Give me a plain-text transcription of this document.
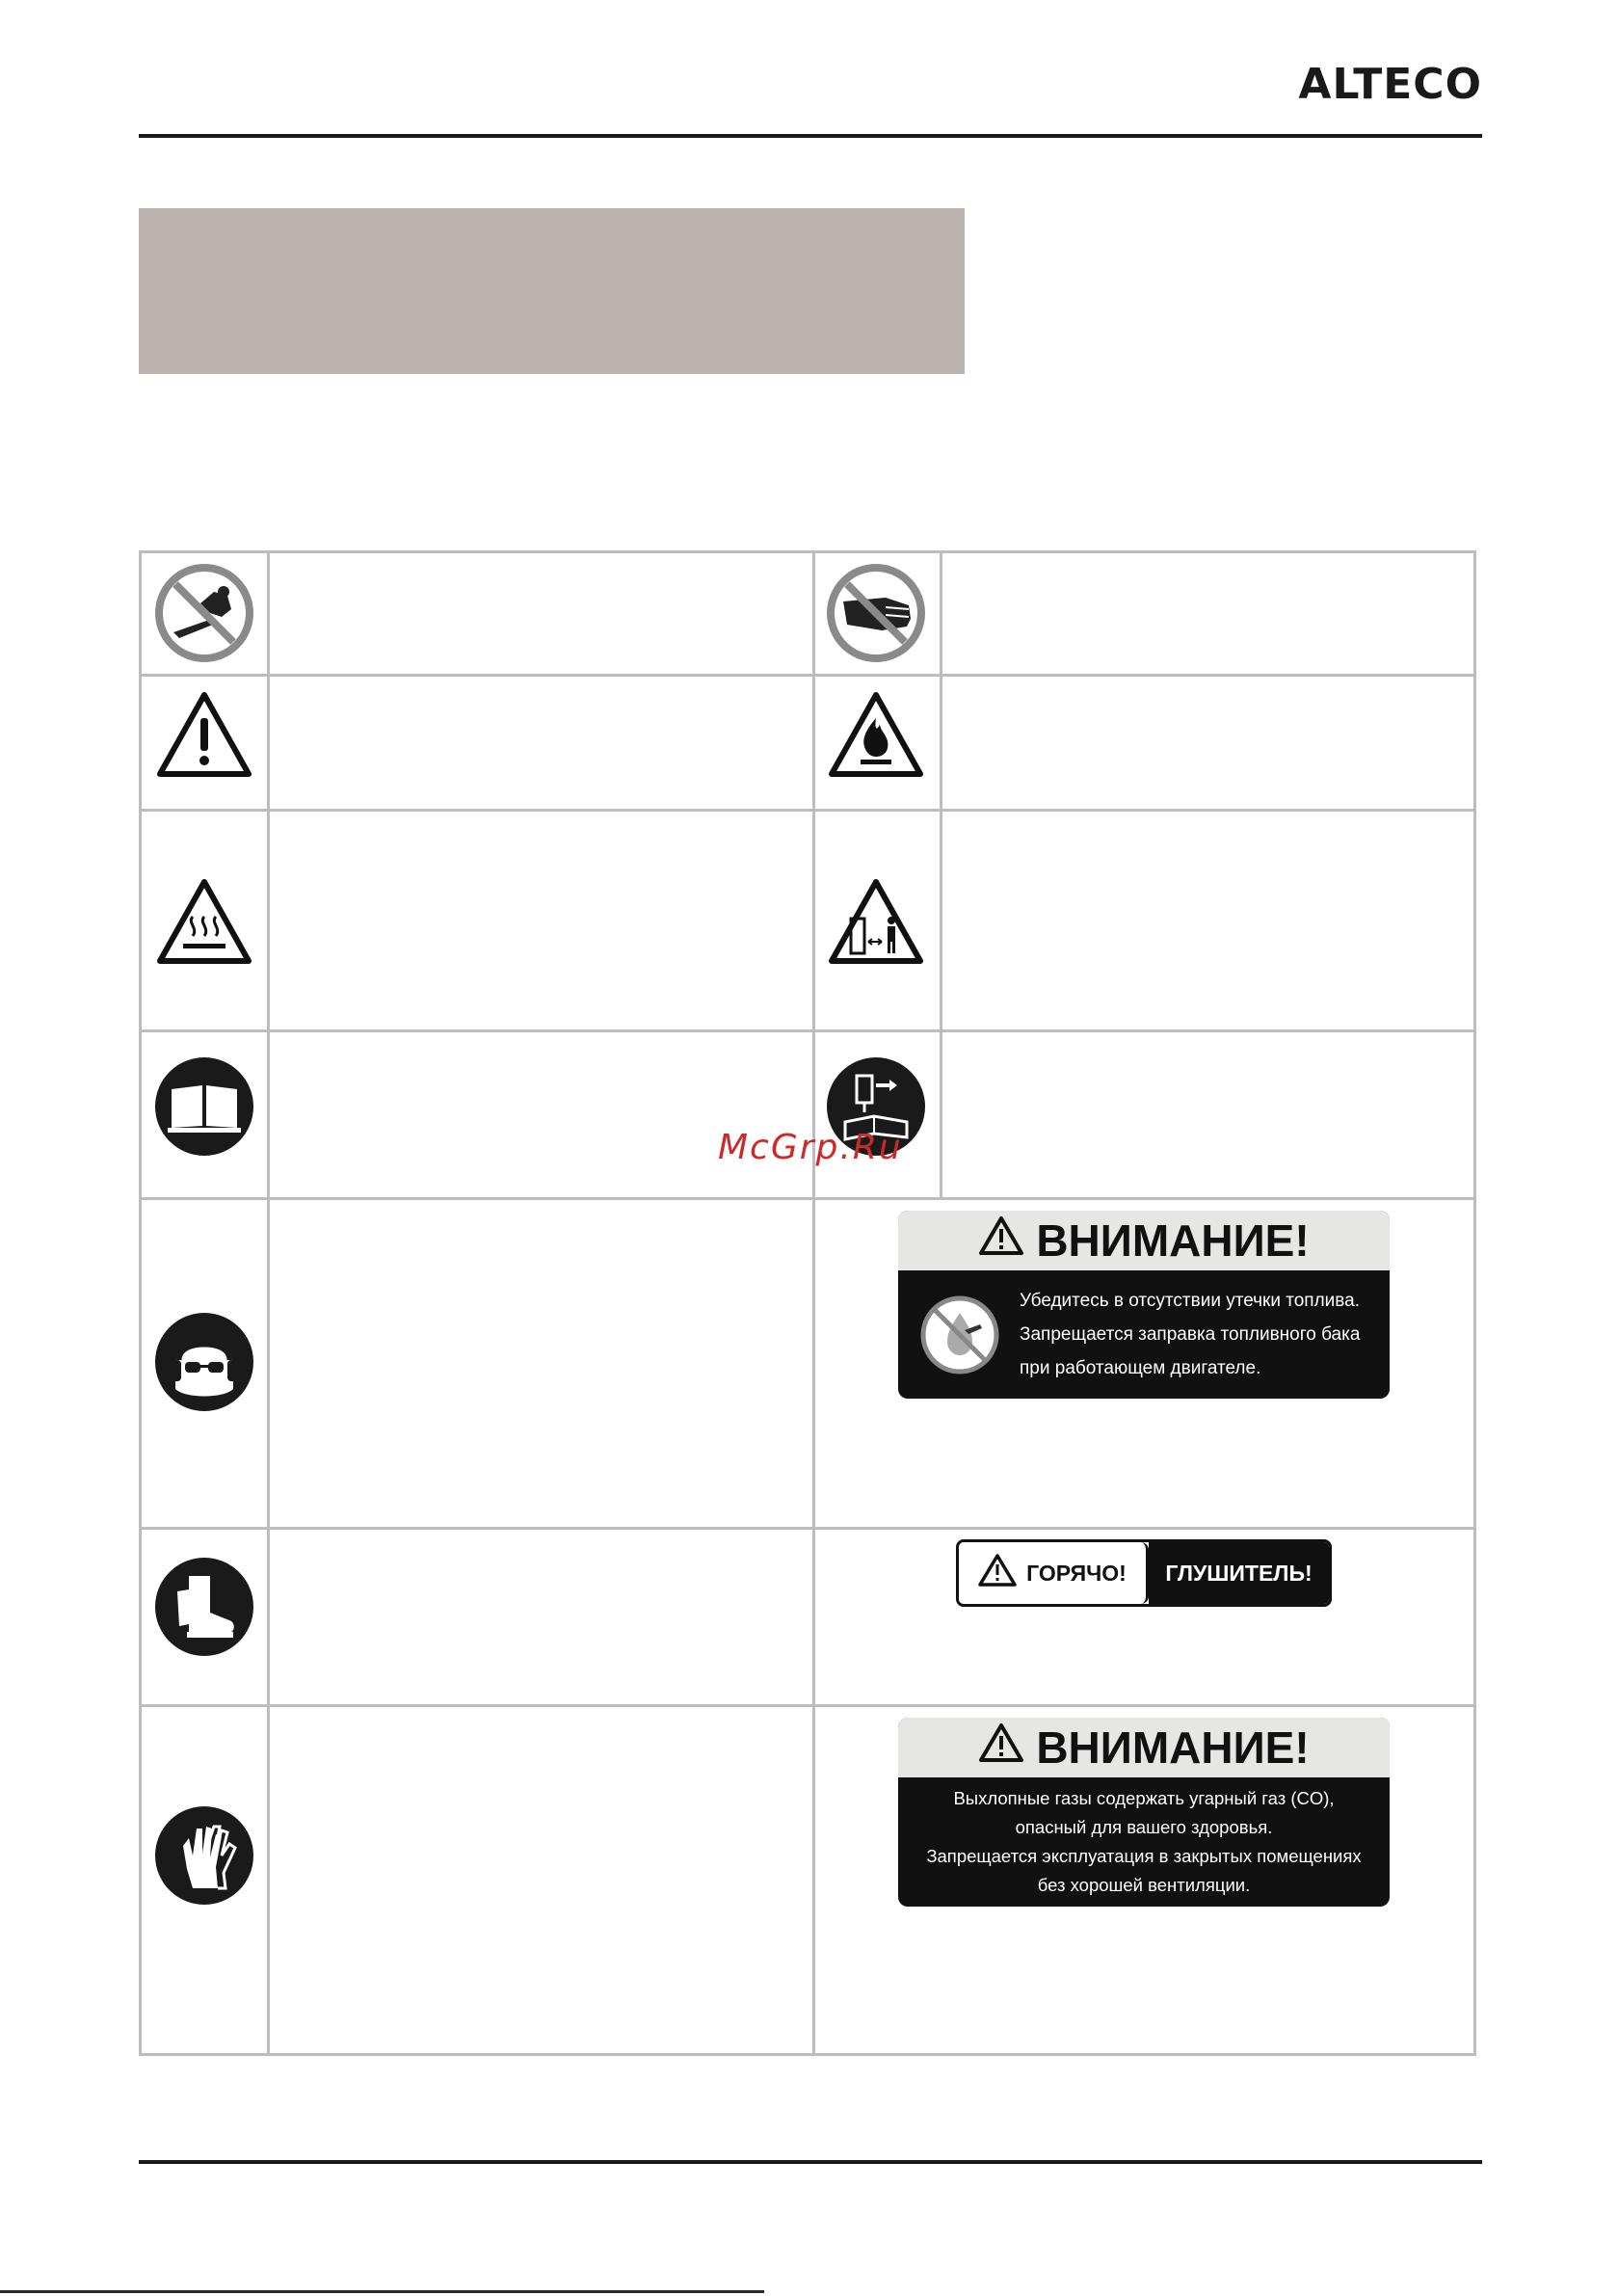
ALTECO
McGrp.Ru
ВНИМАНИЕ!
Убедитесь в отсутствии утечки топлива.
Запрещается заправка топливного бака
при работающем двигателе.
ГОРЯЧО!	ГЛУШИТЕЛЬ!
ВНИМАНИЕ!
Выхлопные газы содержать угарный газ (CO),
опасный для вашего здоровья.
Запрещается эксплуатация в закрытых помещениях
без хорошей вентиляции.
